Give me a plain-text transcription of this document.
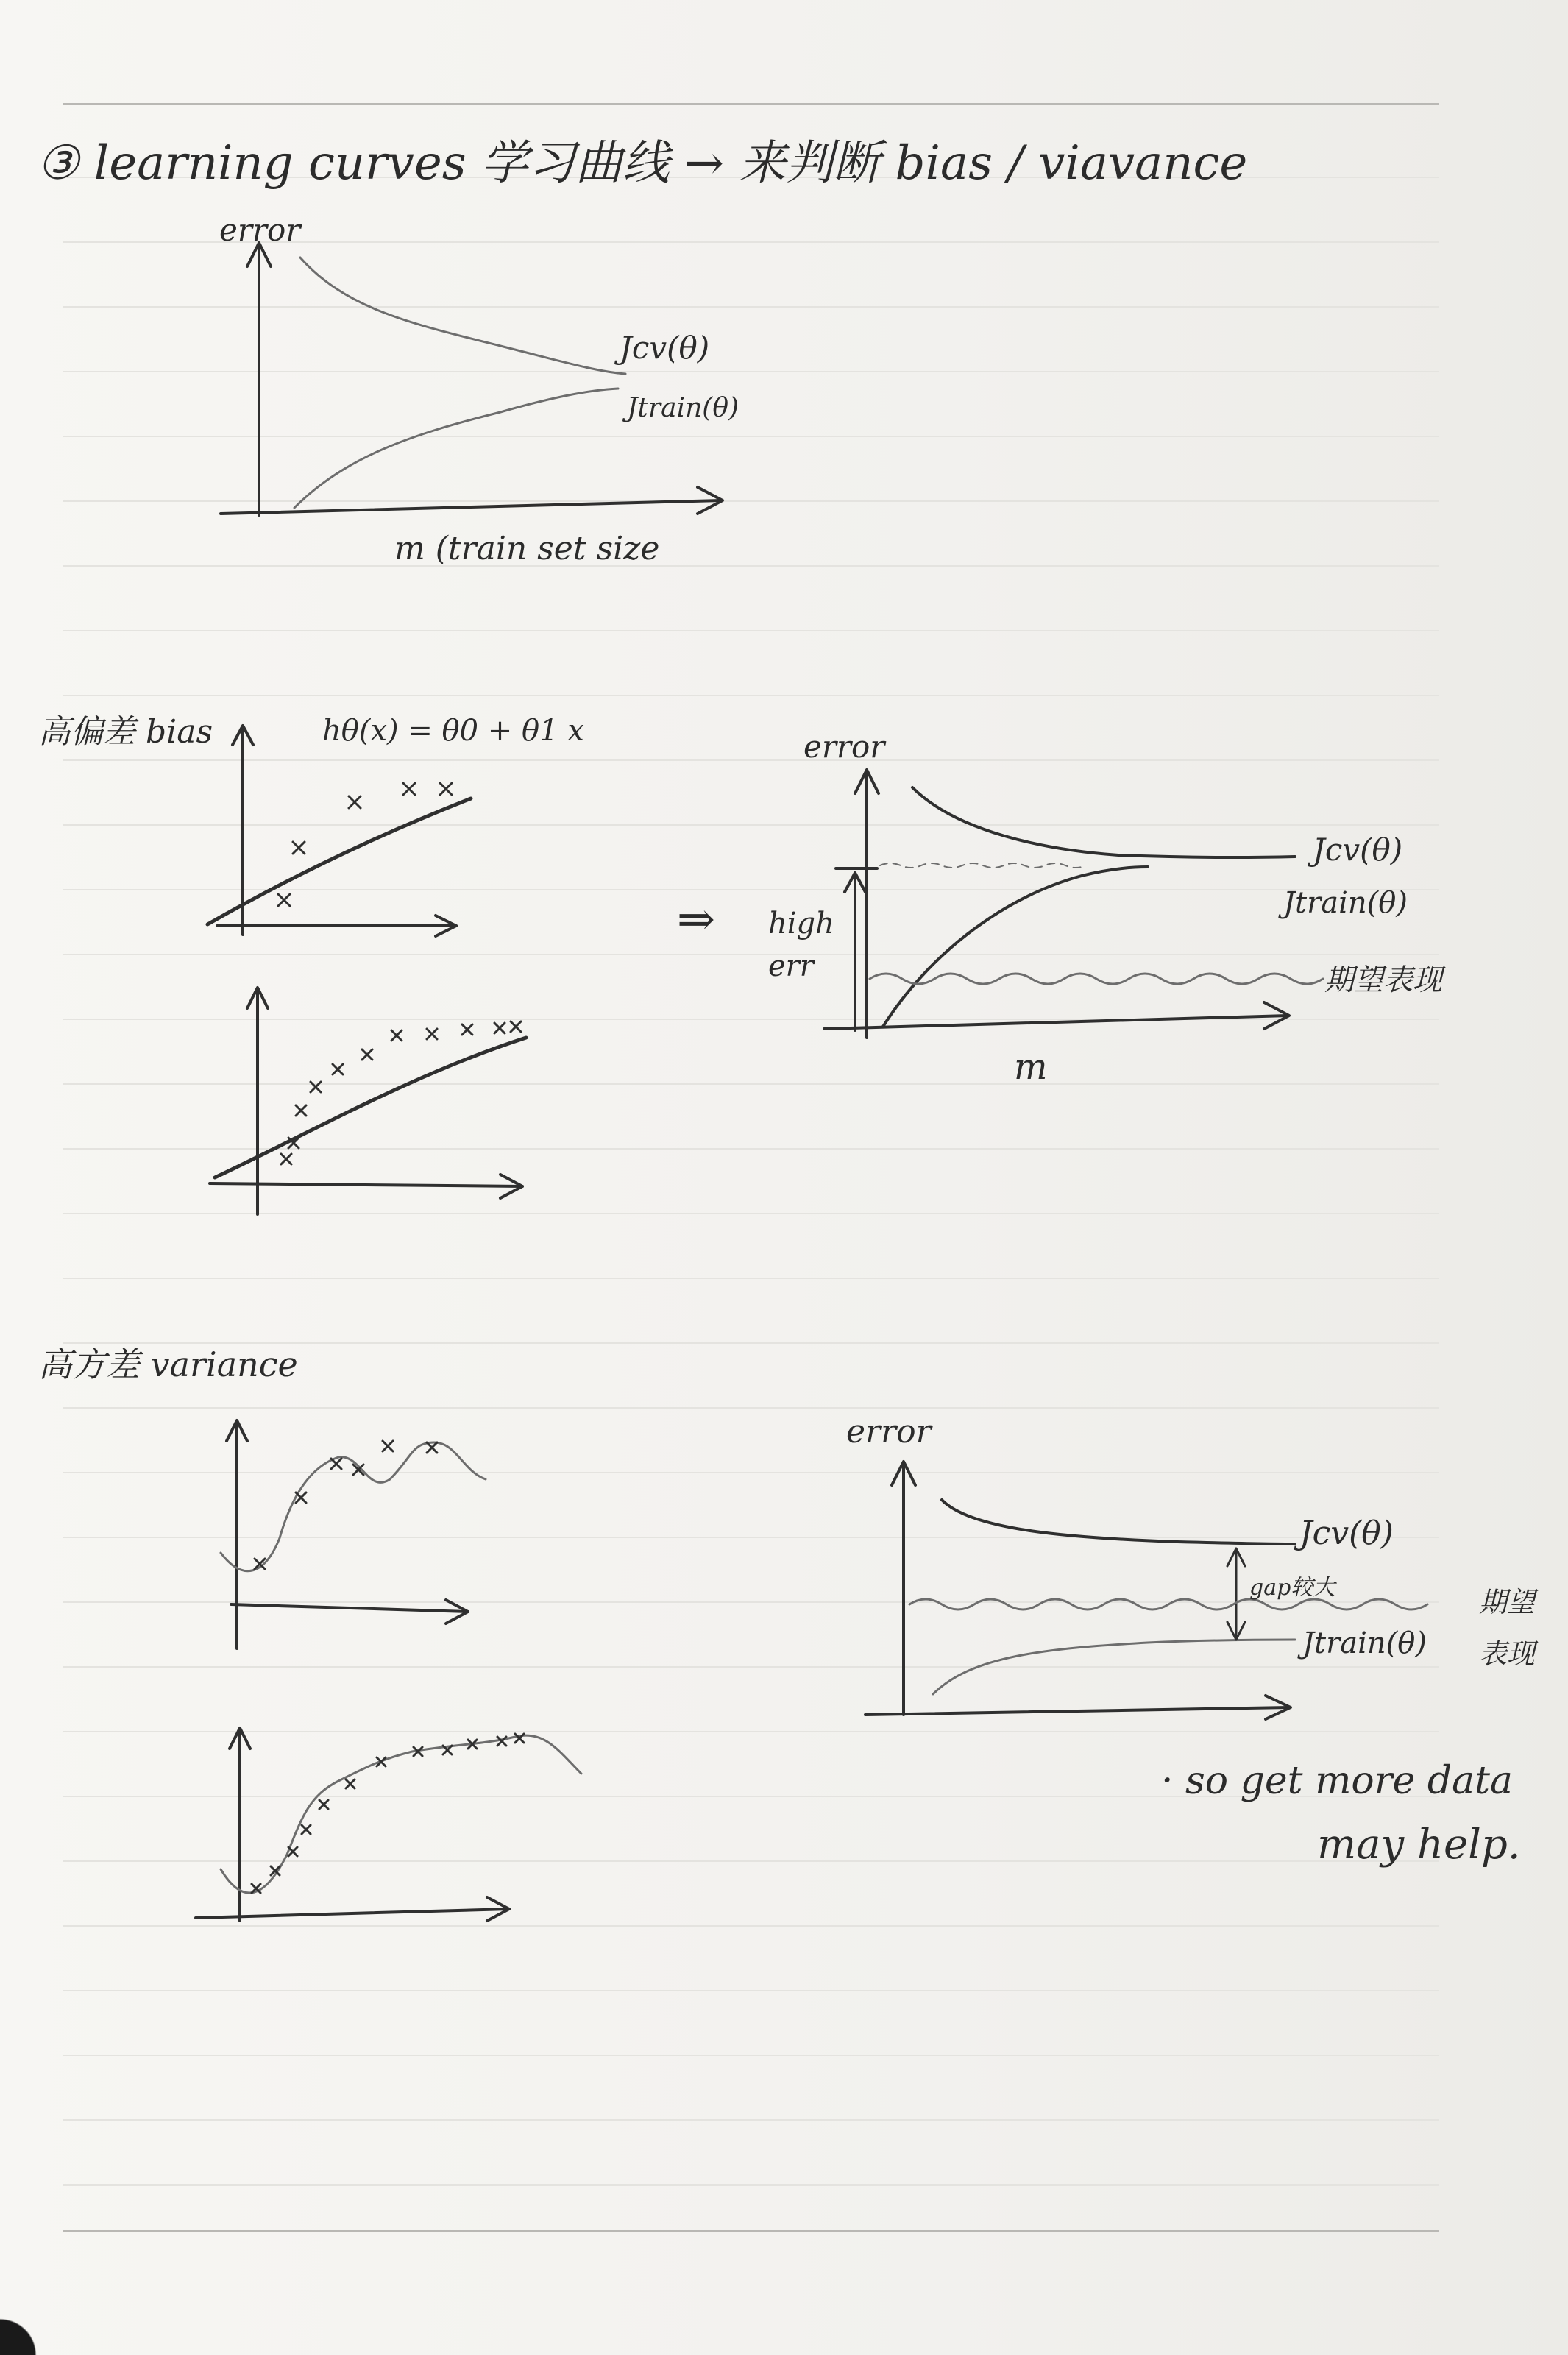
③ learning curves 学习曲线 → 来判断 bias / viavance
error
Jcv(θ)
Jtrain(θ)
m (train set size
高偏差 bias	hθ(x) = θ0 + θ1 x
⇒
error
high
err
Jcv(θ)
Jtrain(θ)
期望表现
m
高方差 variance
error
Jcv(θ)
gap较大
Jtrain(θ)
期望
表现
· so get more data
may help.
